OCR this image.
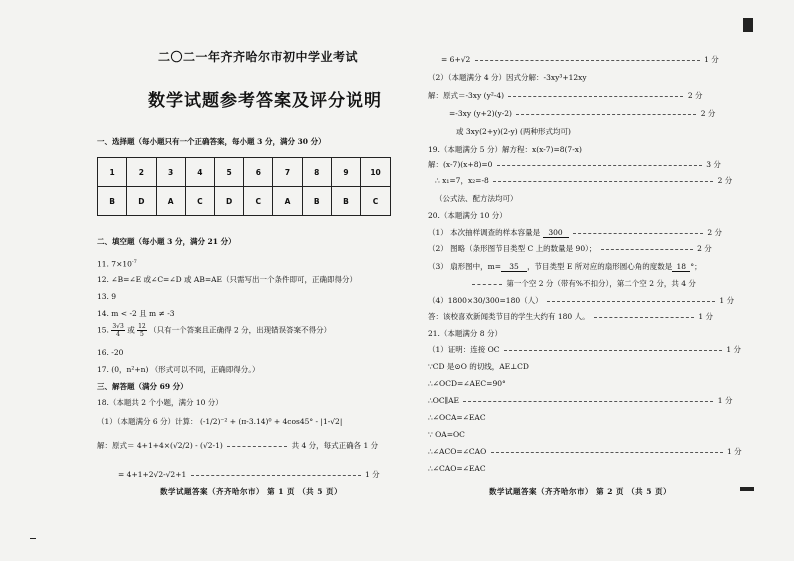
二〇二一年齐齐哈尔市初中学业考试
数学试题参考答案及评分说明
一、选择题（每小题只有一个正确答案，每小题 3 分，满分 30 分）
1	2	3	4	5	6	7	8	9	10
B	D	A	C	D	C	A	B	B	C
二、填空题（每小题 3 分，满分 21 分）
11. $7\times 10^{-7}$
12. ∠B=∠E 或∠C=∠D 或 AB=AE（只需写出一个条件即可，正确即得分）
13. 9
14. m < -2 且 m ≠ -3
15. $\frac{3√3}{4}$ 或 $\frac{12}{5}$ （只有一个答案且正确得 2 分，出现错误答案不得分）
16. -20
17. (0，n²+n) （形式可以不同，正确即得分。）
三、解答题（满分 69 分）
18.（本题共 2 个小题，满分 10 分）
（1）（本题满分 6 分）计算： (-1/2)⁻² + (π-3.14)⁰ + 4cos45° - |1-√2|
解：原式＝ 4+1+4×(√2/2) - (√2-1)	共 4 分，每式正确各 1 分
= 4+1+2√2-√2+1	1 分
数学试题答案（齐齐哈尔市） 第 1 页 （共 5 页）
= 6+√2	1 分
（2）（本题满分 4 分）因式分解：-3xy³+12xy
解：原式＝-3xy (y²-4)	2 分
=-3xy (y+2)(y-2)	2 分
或 3xy(2+y)(2-y) (两种形式均可)
19.（本题满分 5 分）解方程：x(x-7)=8(7-x)
解：(x-7)(x+8)=0	3 分
∴ x₁=7，x₂=-8	2 分
（公式法、配方法均可）
20.（本题满分 10 分）
（1） 本次抽样调查的样本容量是 300	2 分
（2） 图略（条形图节目类型 C 上的数量是 90）；	2 分
（3） 扇形图中，m= 35 ，节目类型 E 所对应的扇形圆心角的度数是 18 °；
第一个空 2 分（带有%不扣分），第二个空 2 分，共 4 分
（4）1800×30/300=180（人）	1 分
答：该校喜欢新闻类节目的学生大约有 180 人。	1 分
21.（本题满分 8 分）
（1）证明：连接 OC	1 分
∵CD 是⊙O 的切线，AE⊥CD
∴∠OCD=∠AEC=90°
∴OC∥AE	1 分
∴∠OCA=∠EAC
∵ OA=OC
∴∠ACO=∠CAO	1 分
∴∠CAO=∠EAC
数学试题答案（齐齐哈尔市） 第 2 页 （共 5 页）
